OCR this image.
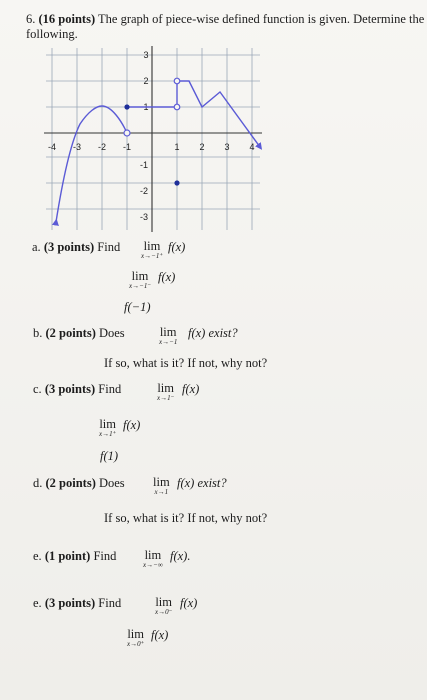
6. (16 points) The graph of piece-wise defined function is given. Determine the
following.
-4 -3 -2 -1	1 2 3 4
3
2
1
-1
-2
-3
a. (3 points) Find lim
x→−1⁺
f(x)
lim
x→−1⁻
f(x)
f(−1)
b. (2 points) Does	lim
x→−1
f(x) exist?
If so, what is it? If not, why not?
c. (3 points) Find	lim
x→1⁻
f(x)
lim
x→1⁺
f(x)
f(1)
d. (2 points) Does lim
x→1
f(x) exist?
If so, what is it? If not, why not?
e. (1 point) Find lim
x→−∞
f(x).
e. (3 points) Find	lim
x→0⁻
f(x)
lim
x→0⁺
f(x)
